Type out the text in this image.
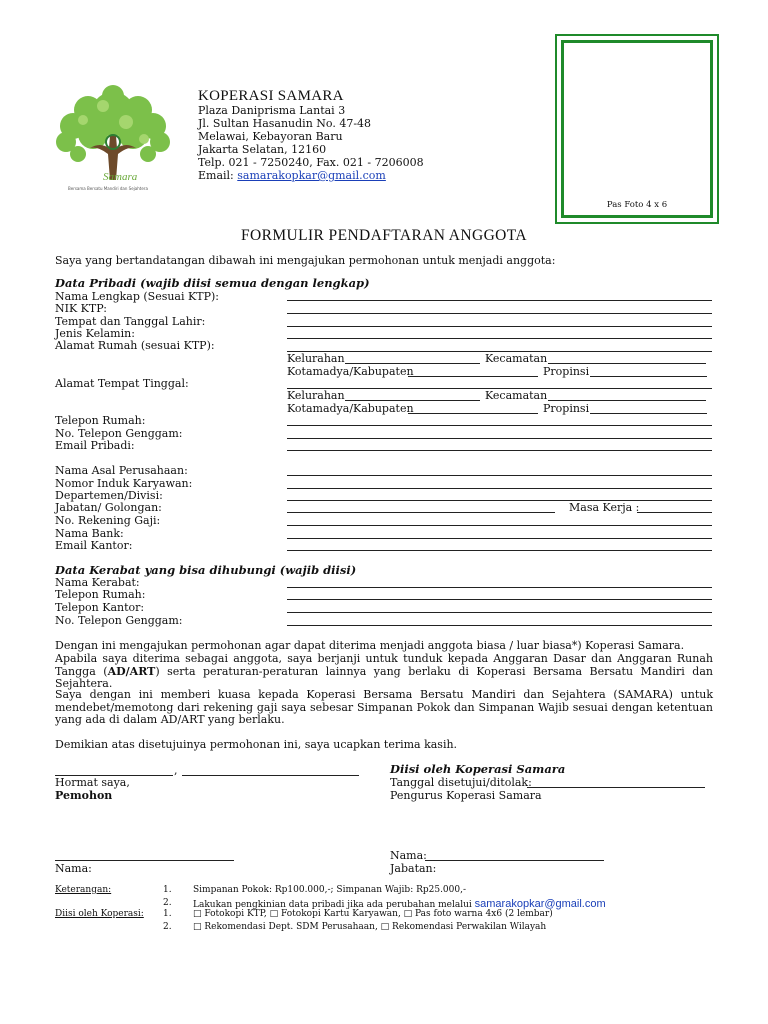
Samara
Bersama Bersatu Mandiri dan Sejahtera
KOPERASI SAMARA
Plaza Daniprisma Lantai 3
Jl. Sultan Hasanudin No. 47-48
Melawai, Kebayoran Baru
Jakarta Selatan, 12160
Telp. 021 - 7250240, Fax. 021 - 7206008
Email: samarakopkar@gmail.com
Pas Foto 4 x 6
FORMULIR PENDAFTARAN ANGGOTA
Saya yang bertandatangan dibawah ini mengajukan permohonan untuk menjadi anggota:
Data Pribadi (wajib diisi semua dengan lengkap)
Nama Lengkap (Sesuai KTP):
NIK KTP:
Tempat dan Tanggal Lahir:
Jenis Kelamin:
Alamat Rumah (sesuai KTP):
Kelurahan	Kecamatan
Kotamadya/Kabupaten	Propinsi
Alamat Tempat Tinggal:
Kelurahan	Kecamatan
Kotamadya/Kabupaten	Propinsi
Telepon Rumah:
No. Telepon Genggam:
Email Pribadi:
Nama Asal Perusahaan:
Nomor Induk Karyawan:
Departemen/Divisi:
Jabatan/ Golongan:	Masa Kerja :
No. Rekening Gaji:
Nama Bank:
Email Kantor:
Data Kerabat yang bisa dihubungi (wajib diisi)
Nama Kerabat:
Telepon Rumah:
Telepon Kantor:
No. Telepon Genggam:
Dengan ini mengajukan permohonan agar dapat diterima menjadi anggota biasa / luar biasa*) Koperasi Samara.
Apabila saya diterima sebagai anggota, saya berjanji untuk tunduk kepada Anggaran Dasar dan Anggaran Runah Tangga (AD/ART) serta peraturan-peraturan lainnya yang berlaku di Koperasi Bersama Bersatu Mandiri dan Sejahtera.
Saya dengan ini memberi kuasa kepada Koperasi Bersama Bersatu Mandiri dan Sejahtera (SAMARA) untuk mendebet/memotong dari rekening gaji saya sebesar Simpanan Pokok dan Simpanan Wajib sesuai dengan ketentuan yang ada di dalam AD/ART yang berlaku.
Demikian atas disetujuinya permohonan ini, saya ucapkan terima kasih.
,
Hormat saya,
Pemohon
Nama:
Diisi oleh Koperasi Samara
Tanggal disetujui/ditolak:
Pengurus Koperasi Samara
Nama:
Jabatan:
Keterangan:	1. Simpanan Pokok: Rp100.000,-; Simpanan Wajib: Rp25.000,-
2. Lakukan pengkinian data pribadi jika ada perubahan melalui samarakopkar@gmail.com
Diisi oleh Koperasi: 1. □ Fotokopi KTP, □ Fotokopi Kartu Karyawan, □ Pas foto warna 4x6 (2 lembar)
2. □ Rekomendasi Dept. SDM Perusahaan, □ Rekomendasi Perwakilan Wilayah
